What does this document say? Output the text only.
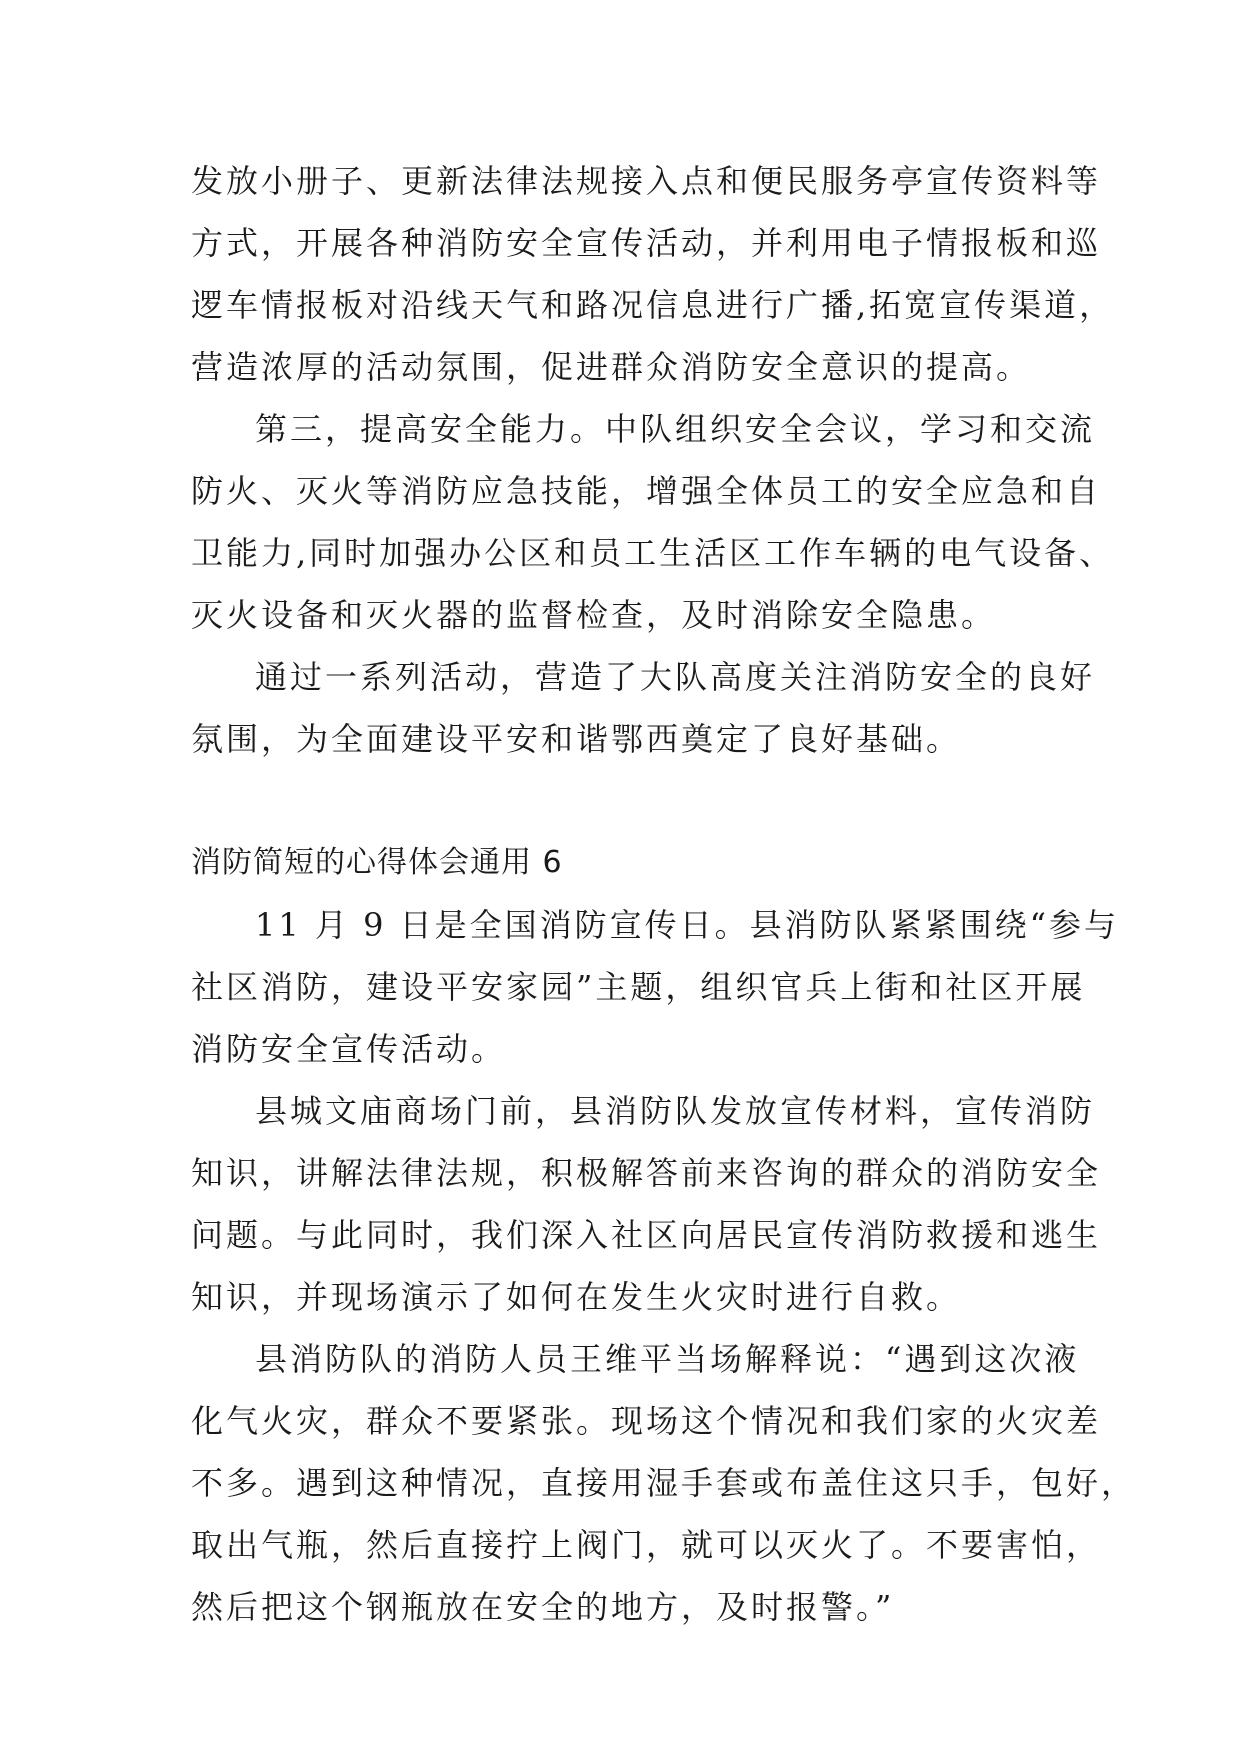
发放小册子、更新法律法规接入点和便民服务亭宣传资料等
方式，开展各种消防安全宣传活动，并利用电子情报板和巡
逻车情报板对沿线天气和路况信息进行广播,拓宽宣传渠道，
营造浓厚的活动氛围，促进群众消防安全意识的提高。
第三，提高安全能力。中队组织安全会议，学习和交流
防火、灭火等消防应急技能，增强全体员工的安全应急和自
卫能力,同时加强办公区和员工生活区工作车辆的电气设备、
灭火设备和灭火器的监督检查，及时消除安全隐患。
通过一系列活动，营造了大队高度关注消防安全的良好
氛围，为全面建设平安和谐鄂西奠定了良好基础。
消防简短的心得体会通用 6
11 月 9 日是全国消防宣传日。县消防队紧紧围绕“参与
社区消防，建设平安家园”主题，组织官兵上街和社区开展
消防安全宣传活动。
县城文庙商场门前，县消防队发放宣传材料，宣传消防
知识，讲解法律法规，积极解答前来咨询的群众的消防安全
问题。与此同时，我们深入社区向居民宣传消防救援和逃生
知识，并现场演示了如何在发生火灾时进行自救。
县消防队的消防人员王维平当场解释说：“遇到这次液
化气火灾，群众不要紧张。现场这个情况和我们家的火灾差
不多。遇到这种情况，直接用湿手套或布盖住这只手，包好，
取出气瓶，然后直接拧上阀门，就可以灭火了。不要害怕，
然后把这个钢瓶放在安全的地方，及时报警。”
